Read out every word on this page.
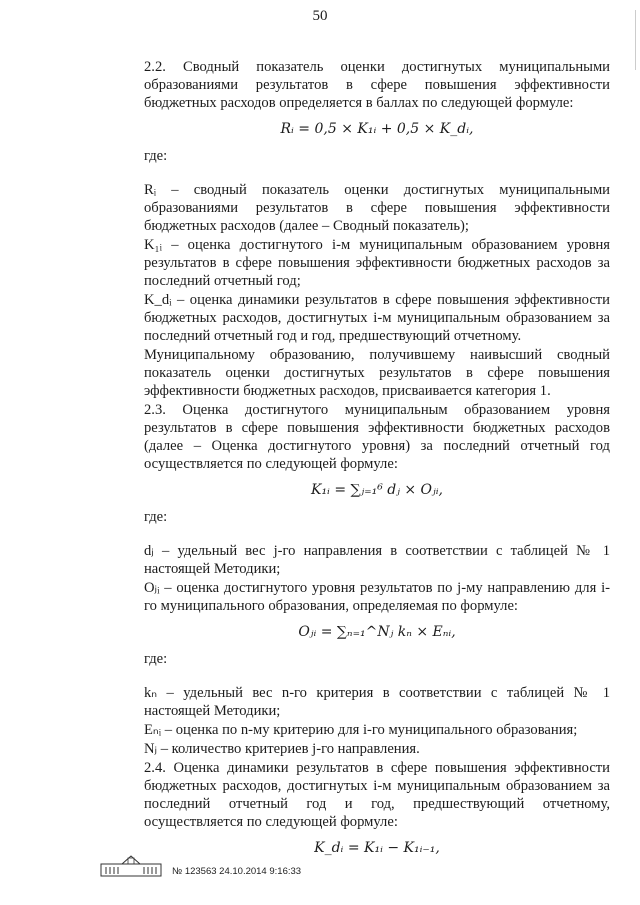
50

2.2. Сводный показатель оценки достигнутых муниципальными образованиями результатов в сфере повышения эффективности бюджетных расходов определяется в баллах по следующей формуле:

Rᵢ = 0,5 × K₁ᵢ + 0,5 × K_dᵢ,

где:

Rᵢ – сводный показатель оценки достигнутых муниципальными образованиями результатов в сфере повышения эффективности бюджетных расходов (далее – Сводный показатель);

K₁ᵢ – оценка достигнутого i-м муниципальным образованием уровня результатов в сфере повышения эффективности бюджетных расходов за последний отчетный год;

K_dᵢ – оценка динамики результатов в сфере повышения эффективности бюджетных расходов, достигнутых i-м муниципальным образованием за последний отчетный год и год, предшествующий отчетному.

Муниципальному образованию, получившему наивысший сводный показатель оценки достигнутых результатов в сфере повышения эффективности бюджетных расходов, присваивается категория 1.

2.3. Оценка достигнутого муниципальным образованием уровня результатов в сфере повышения эффективности бюджетных расходов (далее – Оценка достигнутого уровня) за последний отчетный год осуществляется по следующей формуле:

K₁ᵢ = ∑ⱼ₌₁⁶ dⱼ × Oⱼᵢ,

где:

dⱼ – удельный вес j-го направления в соответствии с таблицей № 1 настоящей Методики;

Oⱼᵢ – оценка достигнутого уровня результатов по j-му направлению для i-го муниципального образования, определяемая по формуле:

Oⱼᵢ = ∑ₙ₌₁^Nⱼ kₙ × Eₙᵢ,

где:

kₙ – удельный вес n-го критерия в соответствии с таблицей № 1 настоящей Методики;

Eₙᵢ – оценка по n-му критерию для i-го муниципального образования;

Nⱼ – количество критериев j-го направления.

2.4. Оценка динамики результатов в сфере повышения эффективности бюджетных расходов, достигнутых i-м муниципальным образованием за последний отчетный год и год, предшествующий отчетному, осуществляется по следующей формуле:

K_dᵢ = K₁ᵢ − K₁ᵢ₋₁,
№ 123563 24.10.2014 9:16:33
